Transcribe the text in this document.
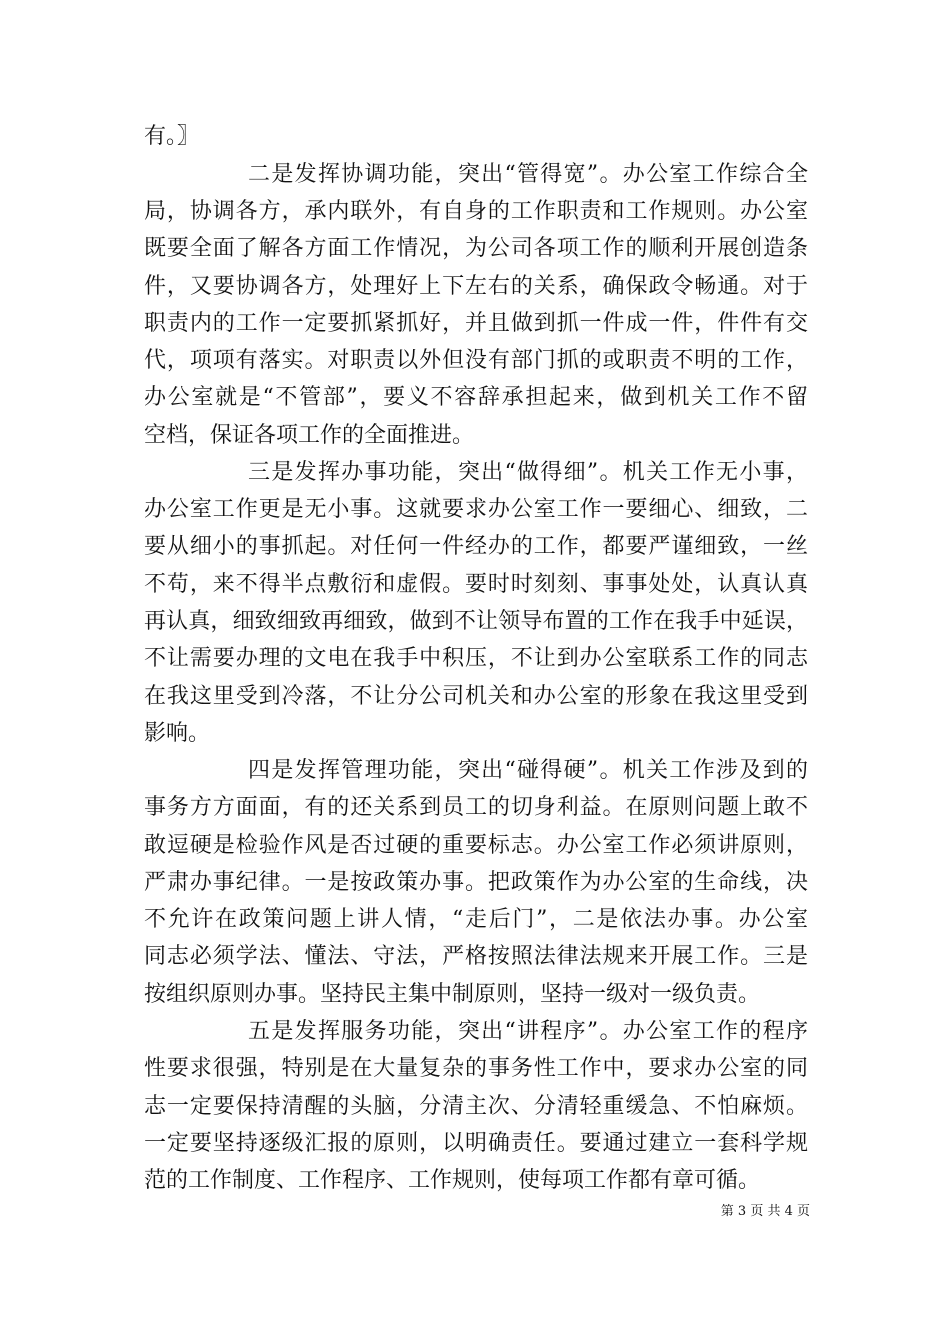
有。〗
二是发挥协调功能，突出“管得宽”。办公室工作综合全
局，协调各方，承内联外，有自身的工作职责和工作规则。办公室
既要全面了解各方面工作情况，为公司各项工作的顺利开展创造条
件，又要协调各方，处理好上下左右的关系，确保政令畅通。对于
职责内的工作一定要抓紧抓好，并且做到抓一件成一件，件件有交
代，项项有落实。对职责以外但没有部门抓的或职责不明的工作，
办公室就是“不管部”，要义不容辞承担起来，做到机关工作不留
空档，保证各项工作的全面推进。
三是发挥办事功能，突出“做得细”。机关工作无小事，
办公室工作更是无小事。这就要求办公室工作一要细心、细致，二
要从细小的事抓起。对任何一件经办的工作，都要严谨细致，一丝
不苟，来不得半点敷衍和虚假。要时时刻刻、事事处处，认真认真
再认真，细致细致再细致，做到不让领导布置的工作在我手中延误，
不让需要办理的文电在我手中积压，不让到办公室联系工作的同志
在我这里受到冷落，不让分公司机关和办公室的形象在我这里受到
影响。
四是发挥管理功能，突出“碰得硬”。机关工作涉及到的
事务方方面面，有的还关系到员工的切身利益。在原则问题上敢不
敢逗硬是检验作风是否过硬的重要标志。办公室工作必须讲原则，
严肃办事纪律。一是按政策办事。把政策作为办公室的生命线，决
不允许在政策问题上讲人情，“走后门”，二是依法办事。办公室
同志必须学法、懂法、守法，严格按照法律法规来开展工作。三是
按组织原则办事。坚持民主集中制原则，坚持一级对一级负责。
五是发挥服务功能，突出“讲程序”。办公室工作的程序
性要求很强，特别是在大量复杂的事务性工作中，要求办公室的同
志一定要保持清醒的头脑，分清主次、分清轻重缓急、不怕麻烦。
一定要坚持逐级汇报的原则，以明确责任。要通过建立一套科学规
范的工作制度、工作程序、工作规则，使每项工作都有章可循。
第 3 页 共 4 页
